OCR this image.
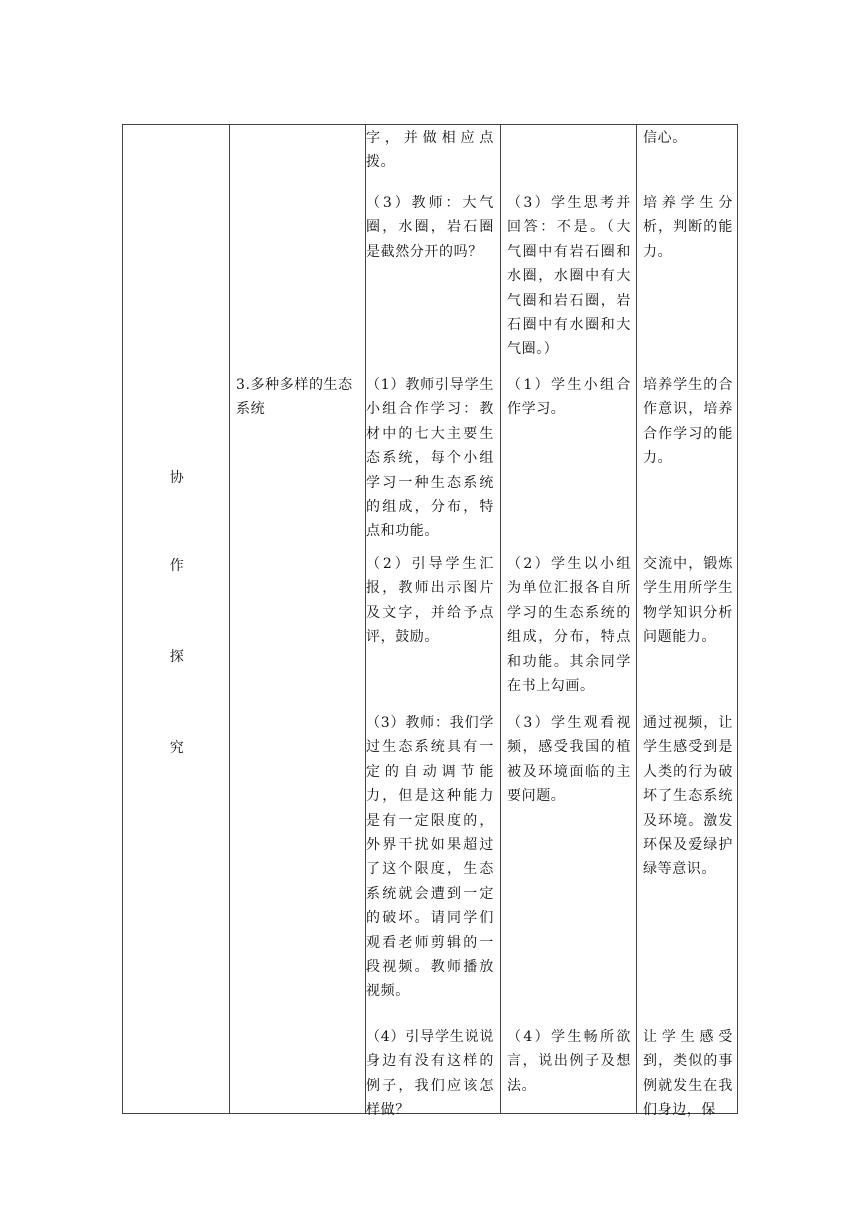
协
作
探
究
3.多种多样的生态系统
字，并做相应点拨。
信心。
（3）教师：大气圈，水圈，岩石圈是截然分开的吗？
（3）学生思考并回答：不是。（大气圈中有岩石圈和水圈，水圈中有大气圈和岩石圈，岩石圈中有水圈和大气圈。）
培养学生分析，判断的能力。
（1）教师引导学生小组合作学习：教材中的七大主要生态系统，每个小组学习一种生态系统的组成，分布，特点和功能。
（1）学生小组合作学习。
培养学生的合作意识，培养合作学习的能力。
（2）引导学生汇报，教师出示图片及文字，并给予点评，鼓励。
（2）学生以小组为单位汇报各自所学习的生态系统的组成，分布，特点和功能。其余同学在书上勾画。
交流中，锻炼学生用所学生物学知识分析问题能力。
（3）教师：我们学过生态系统具有一定的自动调节能力，但是这种能力是有一定限度的，外界干扰如果超过了这个限度，生态系统就会遭到一定的破坏。请同学们观看老师剪辑的一段视频。教师播放视频。
（3）学生观看视频，感受我国的植被及环境面临的主要问题。
通过视频，让学生感受到是人类的行为破坏了生态系统及环境。激发环保及爱绿护绿等意识。
（4）引导学生说说身边有没有这样的例子，我们应该怎样做？
（4）学生畅所欲言，说出例子及想法。
让学生感受到，类似的事例就发生在我们身边，保
